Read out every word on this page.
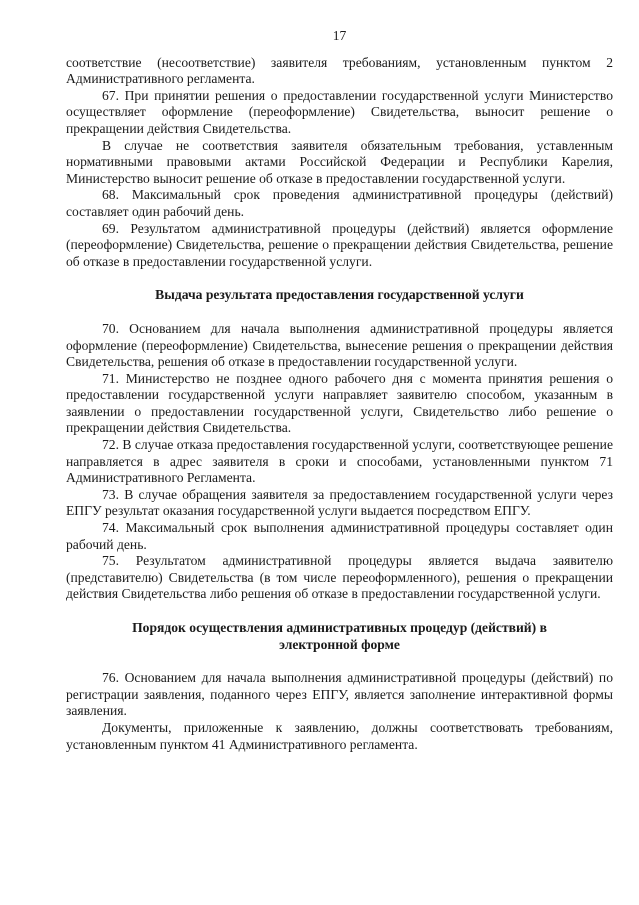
17

соответствие (несоответствие) заявителя требованиям, установленным пунктом 2 Административного регламента.

67. При принятии решения о предоставлении государственной услуги Министерство осуществляет оформление (переоформление) Свидетельства, выносит решение о прекращении действия Свидетельства.

В случае не соответствия заявителя обязательным требования, уставленным нормативными правовыми актами Российской Федерации и Республики Карелия, Министерство выносит решение об отказе в предоставлении государственной услуги.

68. Максимальный срок проведения административной процедуры (действий) составляет один рабочий день.

69. Результатом административной процедуры (действий) является оформление (переоформление) Свидетельства, решение о прекращении действия Свидетельства, решение об отказе в предоставлении государственной услуги.

Выдача результата предоставления государственной услуги

70. Основанием для начала выполнения административной процедуры является оформление (переоформление) Свидетельства, вынесение решения о прекращении действия Свидетельства, решения об отказе в предоставлении государственной услуги.

71. Министерство не позднее одного рабочего дня с момента принятия решения о предоставлении государственной услуги направляет заявителю способом, указанным в заявлении о предоставлении государственной услуги, Свидетельство либо решение о прекращении действия Свидетельства.

72. В случае отказа предоставления государственной услуги, соответствующее решение направляется в адрес заявителя в сроки и способами, установленными пунктом 71 Административного Регламента.

73. В случае обращения заявителя за предоставлением государственной услуги через ЕПГУ результат оказания государственной услуги выдается посредством ЕПГУ.

74. Максимальный срок выполнения административной процедуры составляет один рабочий день.

75. Результатом административной процедуры является выдача заявителю (представителю) Свидетельства (в том числе переоформленного), решения о прекращении действия Свидетельства либо решения об отказе в предоставлении государственной услуги.

Порядок осуществления административных процедур (действий) в
электронной форме

76. Основанием для начала выполнения административной процедуры (действий) по регистрации заявления, поданного через ЕПГУ, является заполнение интерактивной формы заявления.

Документы, приложенные к заявлению, должны соответствовать требованиям, установленным пунктом 41 Административного регламента.
